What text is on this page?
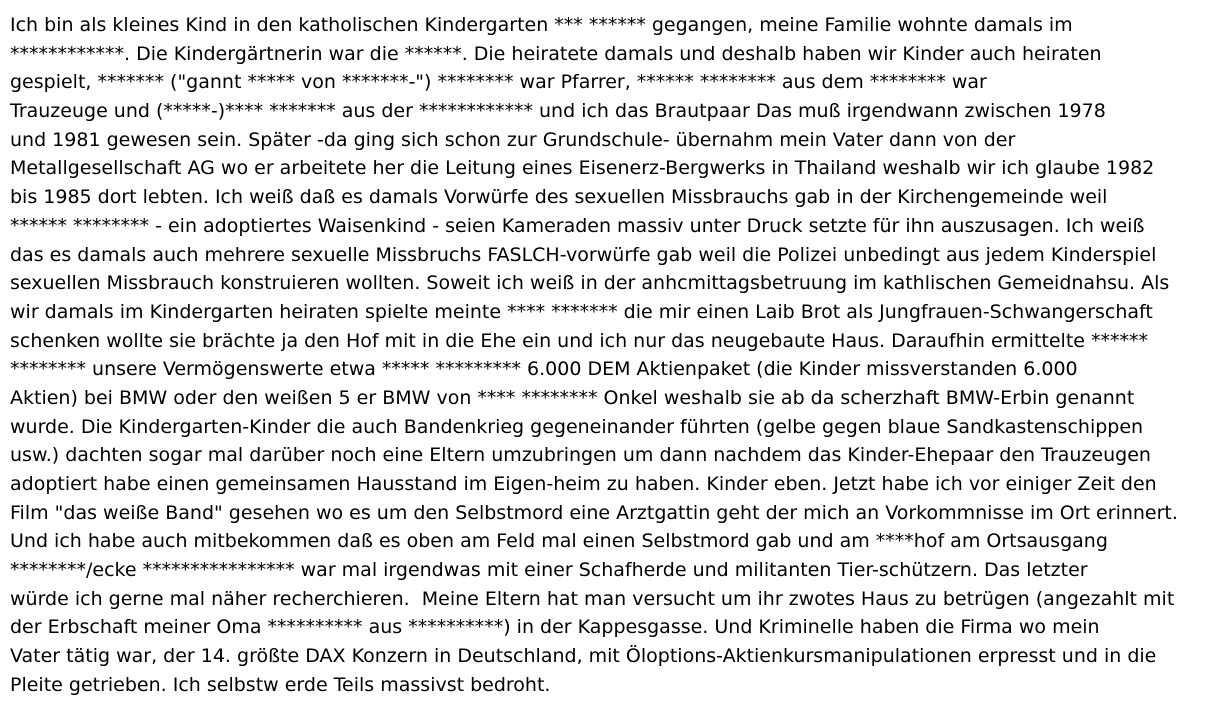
Ich bin als kleines Kind in den katholischen Kindergarten *** ****** gegangen, meine Familie wohnte damals im
************. Die Kindergärtnerin war die ******. Die heiratete damals und deshalb haben wir Kinder auch heiraten
gespielt, ******* ("gannt ***** von *******-") ******** war Pfarrer, ****** ******** aus dem ******** war
Trauzeuge und (*****-)**** ******* aus der ************ und ich das Brautpaar Das muß irgendwann zwischen 1978
und 1981 gewesen sein. Später -da ging sich schon zur Grundschule- übernahm mein Vater dann von der
Metallgesellschaft AG wo er arbeitete her die Leitung eines Eisenerz-Bergwerks in Thailand weshalb wir ich glaube 1982
bis 1985 dort lebten. Ich weiß daß es damals Vorwürfe des sexuellen Missbrauchs gab in der Kirchengemeinde weil
****** ******** - ein adoptiertes Waisenkind - seien Kameraden massiv unter Druck setzte für ihn auszusagen. Ich weiß
das es damals auch mehrere sexuelle Missbruchs FASLCH-vorwürfe gab weil die Polizei unbedingt aus jedem Kinderspiel
sexuellen Missbrauch konstruieren wollten. Soweit ich weiß in der anhcmittagsbetruung im kathlischen Gemeidnahsu. Als
wir damals im Kindergarten heiraten spielte meinte **** ******* die mir einen Laib Brot als Jungfrauen-Schwangerschaft
schenken wollte sie brächte ja den Hof mit in die Ehe ein und ich nur das neugebaute Haus. Daraufhin ermittelte ******
******** unsere Vermögenswerte etwa ***** ********* 6.000 DEM Aktienpaket (die Kinder missverstanden 6.000
Aktien) bei BMW oder den weißen 5 er BMW von **** ******** Onkel weshalb sie ab da scherzhaft BMW-Erbin genannt
wurde. Die Kindergarten-Kinder die auch Bandenkrieg gegeneinander führten (gelbe gegen blaue Sandkastenschippen
usw.) dachten sogar mal darüber noch eine Eltern umzubringen um dann nachdem das Kinder-Ehepaar den Trauzeugen
adoptiert habe einen gemeinsamen Hausstand im Eigen-heim zu haben. Kinder eben. Jetzt habe ich vor einiger Zeit den
Film "das weiße Band" gesehen wo es um den Selbstmord eine Arztgattin geht der mich an Vorkommnisse im Ort erinnert.
Und ich habe auch mitbekommen daß es oben am Feld mal einen Selbstmord gab und am ****hof am Ortsausgang
********/ecke **************** war mal irgendwas mit einer Schafherde und militanten Tier-schützern. Das letzter
würde ich gerne mal näher recherchieren.  Meine Eltern hat man versucht um ihr zwotes Haus zu betrügen (angezahlt mit
der Erbschaft meiner Oma ********** aus **********) in der Kappesgasse. Und Kriminelle haben die Firma wo mein
Vater tätig war, der 14. größte DAX Konzern in Deutschland, mit Öloptions-Aktienkursmanipulationen erpresst und in die
Pleite getrieben. Ich selbstw erde Teils massivst bedroht.
